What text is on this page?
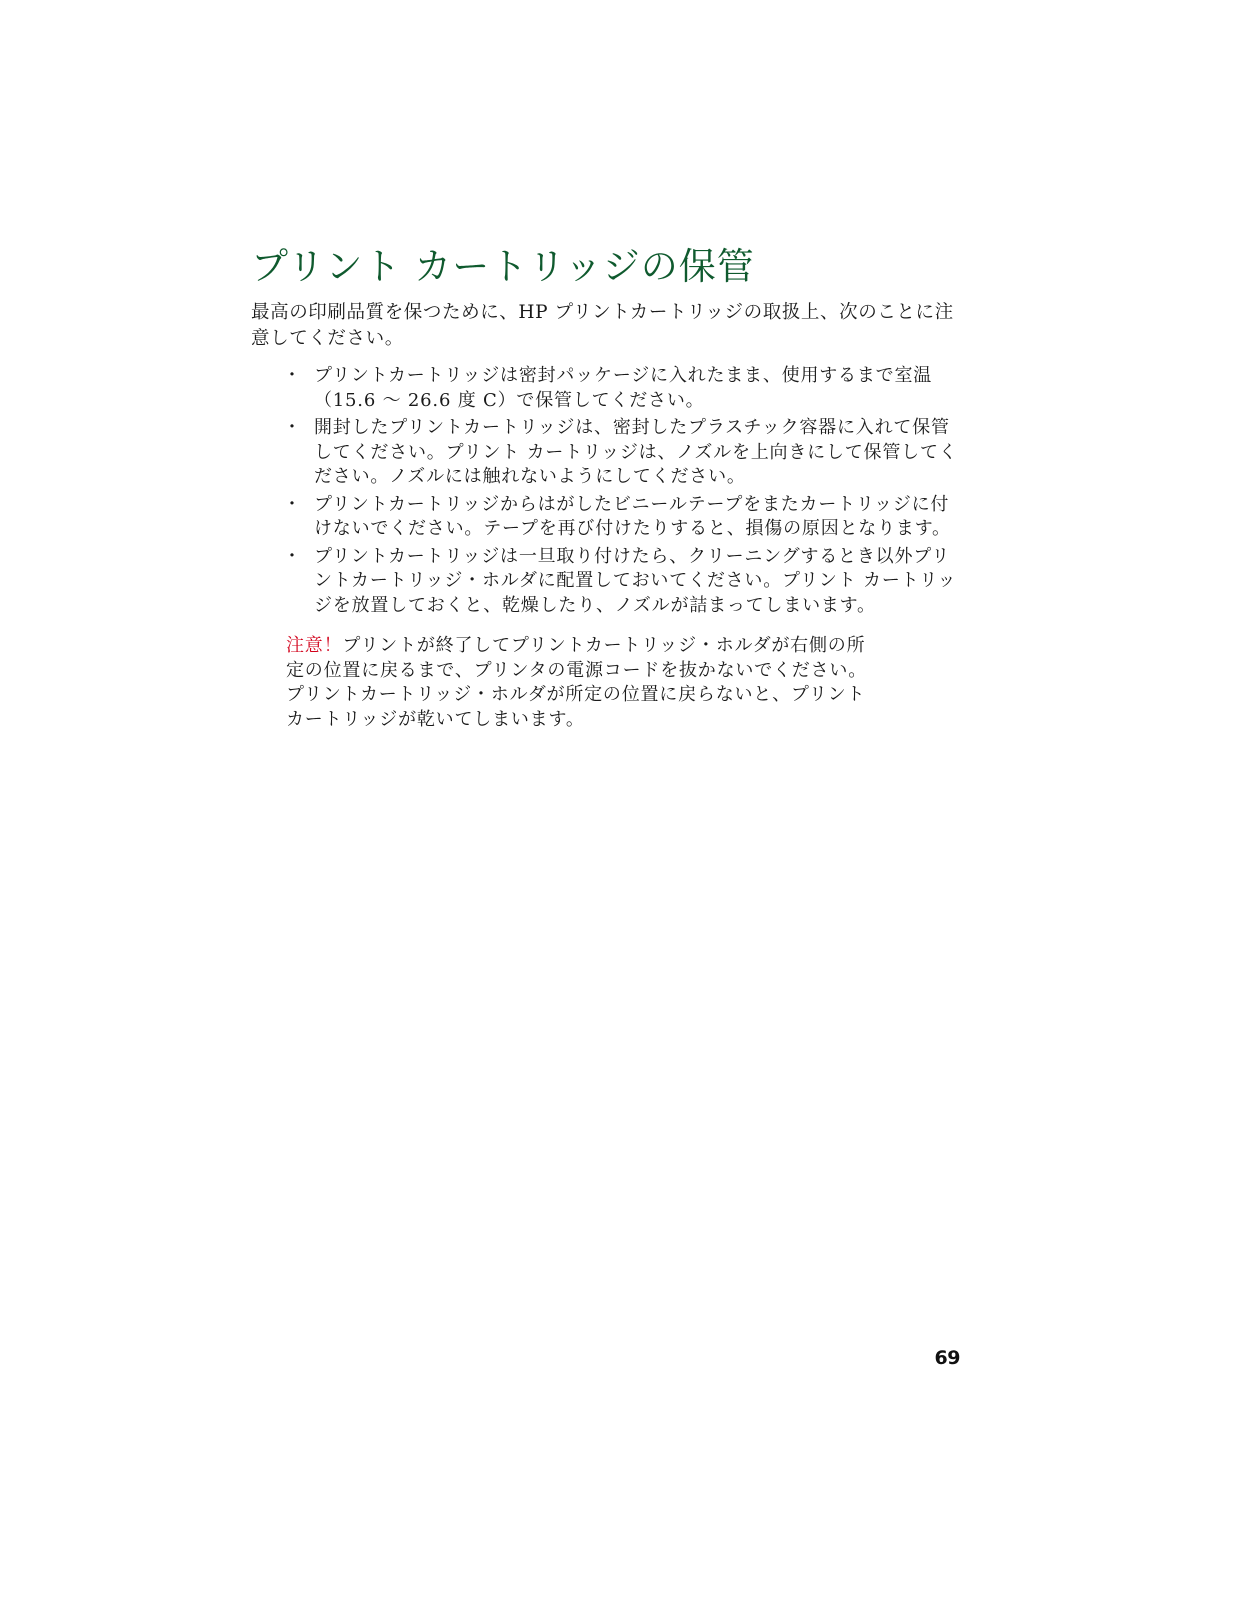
プリント カートリッジの保管

最高の印刷品質を保つために、HP プリントカートリッジの取扱上、次のことに注意してください。

・ プリントカートリッジは密封パッケージに入れたまま、使用するまで室温（15.6 〜 26.6 度 C）で保管してください。
・ 開封したプリントカートリッジは、密封したプラスチック容器に入れて保管してください。プリント カートリッジは、ノズルを上向きにして保管してください。ノズルには触れないようにしてください。
・ プリントカートリッジからはがしたビニールテープをまたカートリッジに付けないでください。テープを再び付けたりすると、損傷の原因となります。
・ プリントカートリッジは一旦取り付けたら、クリーニングするとき以外プリントカートリッジ・ホルダに配置しておいてください。プリント カートリッジを放置しておくと、乾燥したり、ノズルが詰まってしまいます。

注意！プリントが終了してプリントカートリッジ・ホルダが右側の所定の位置に戻るまで、プリンタの電源コードを抜かないでください。プリントカートリッジ・ホルダが所定の位置に戻らないと、プリントカートリッジが乾いてしまいます。

69
